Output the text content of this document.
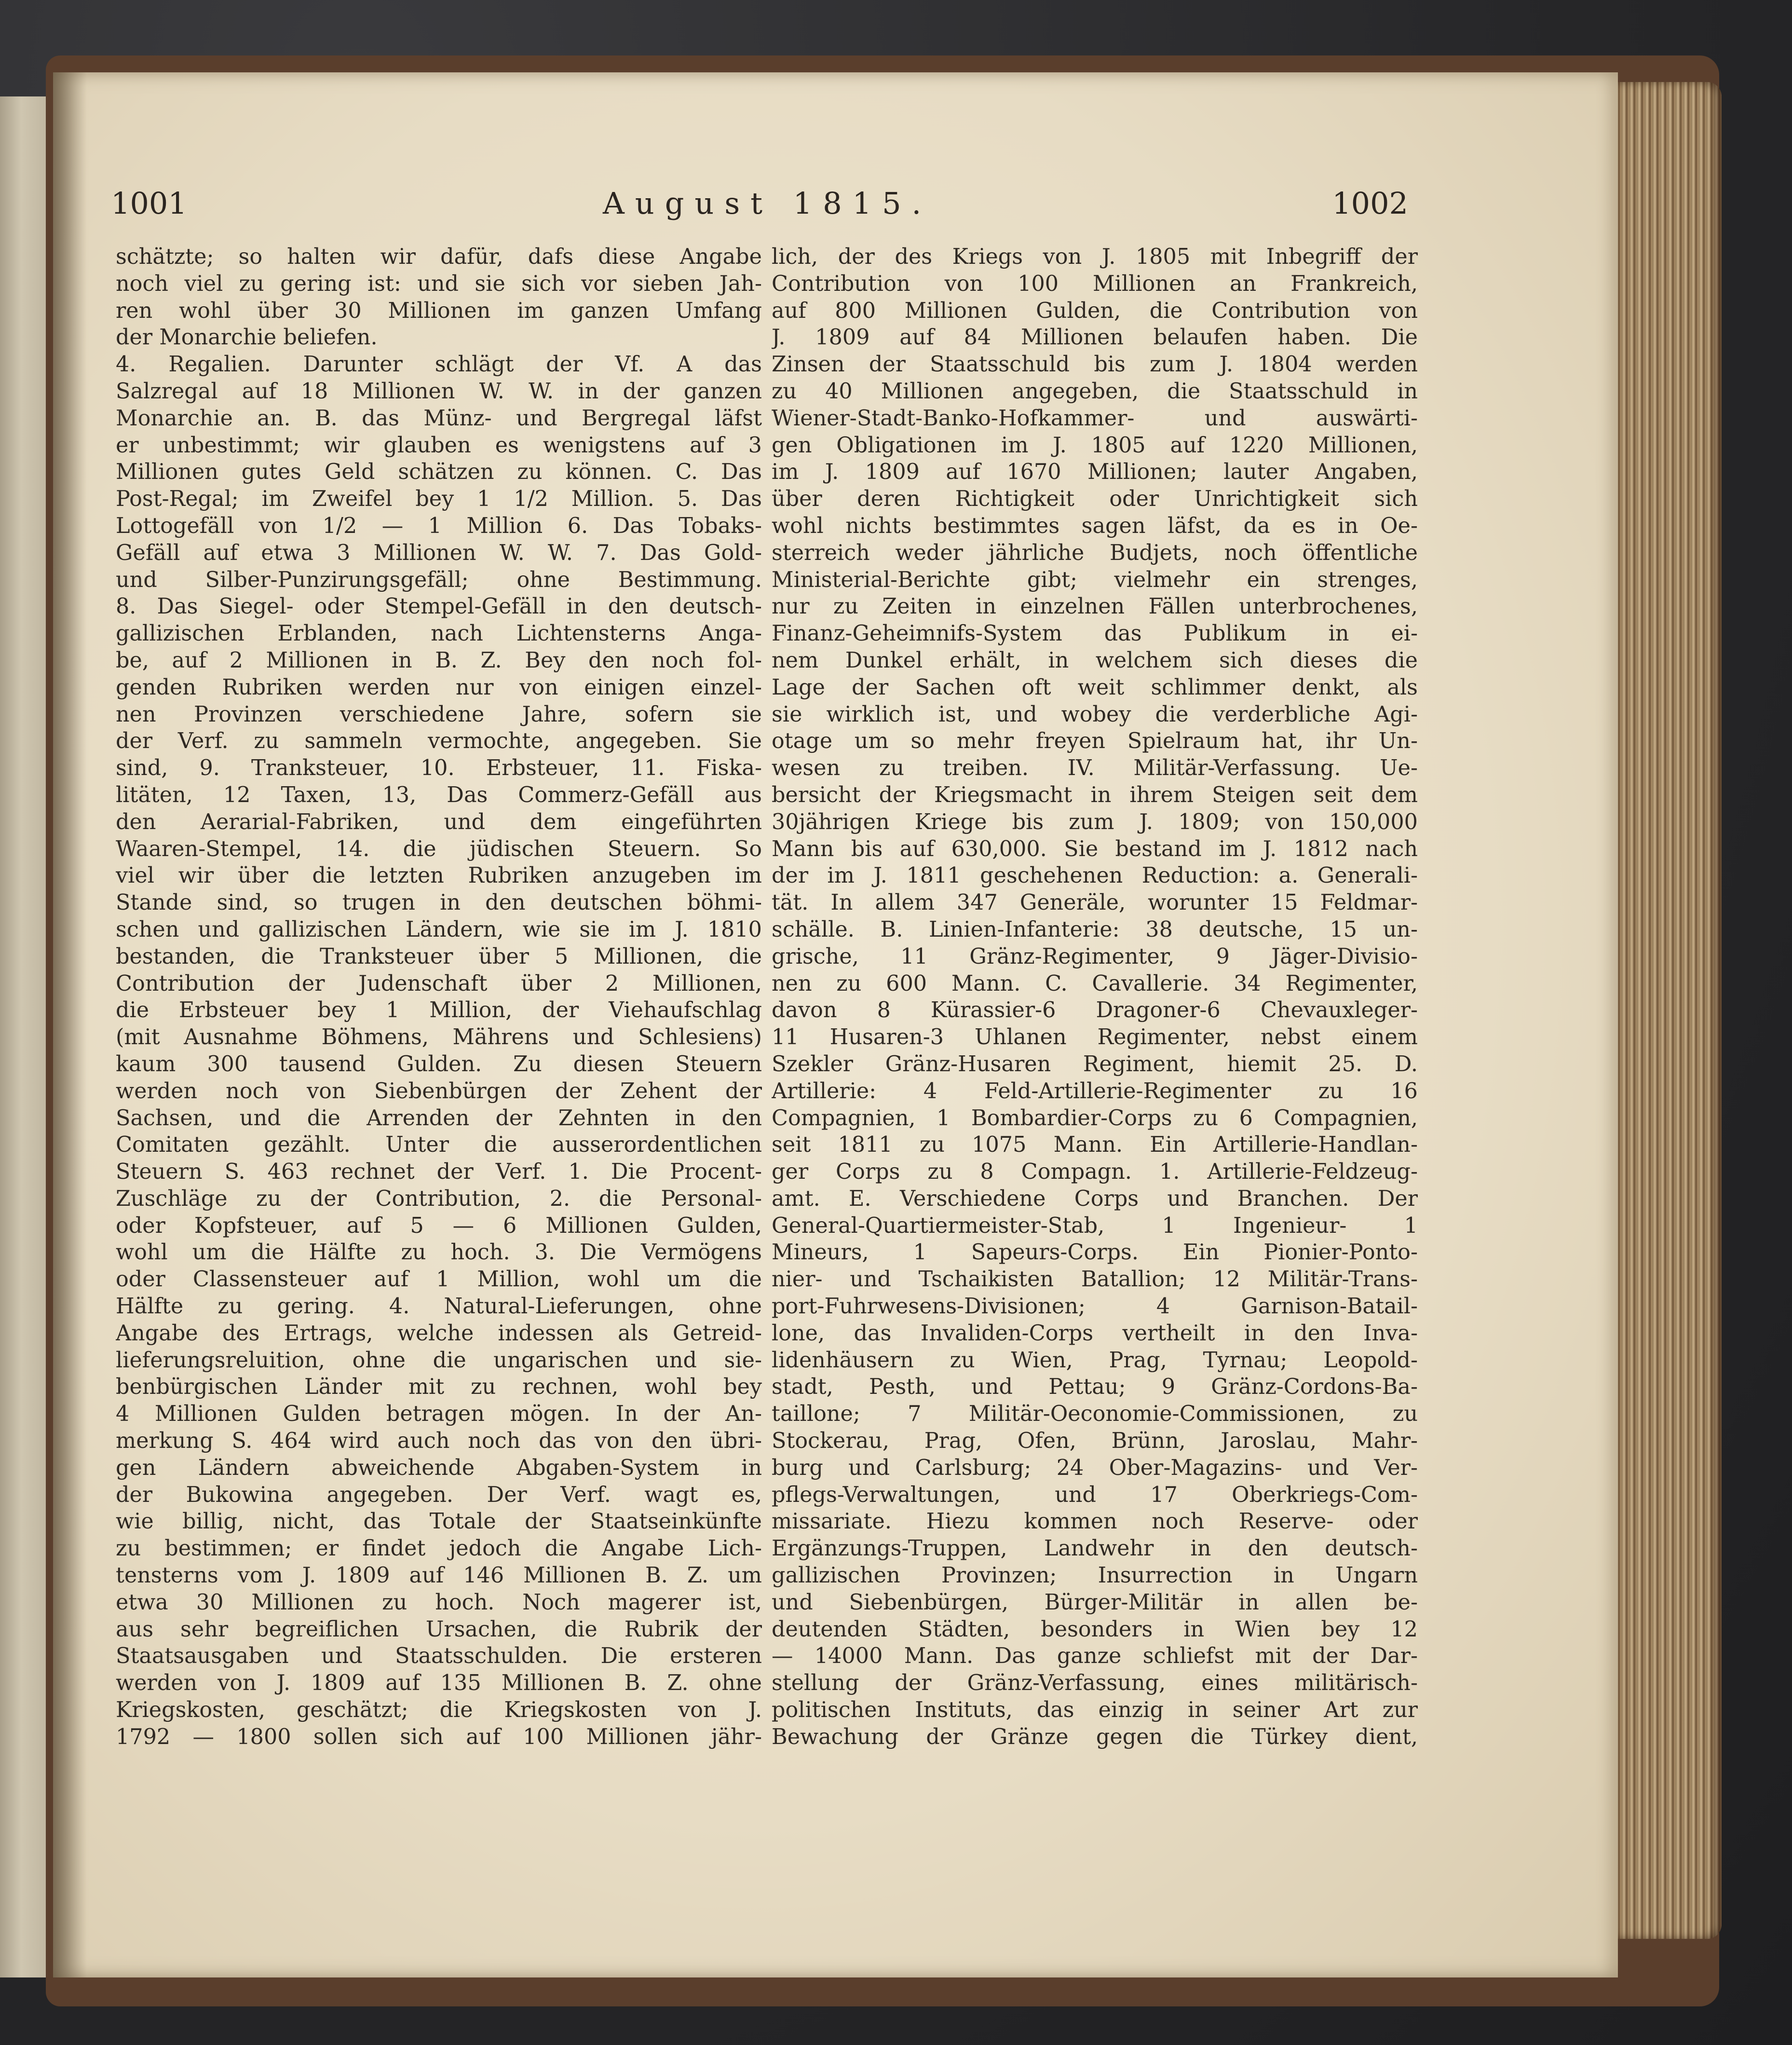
1001	August 1815.	1002
schätzte; so halten wir dafür, dafs diese Angabe
noch viel zu gering ist: und sie sich vor sieben Jah-
ren wohl über 30 Millionen im ganzen Umfang
der Monarchie beliefen.
4. Regalien. Darunter schlägt der Vf. A das
Salzregal auf 18 Millionen W. W. in der ganzen
Monarchie an. B. das Münz- und Bergregal läfst
er unbestimmt; wir glauben es wenigstens auf 3
Millionen gutes Geld schätzen zu können. C. Das
Post-Regal; im Zweifel bey 1 1/2 Million. 5. Das
Lottogefäll von 1/2 — 1 Million 6. Das Tobaks-
Gefäll auf etwa 3 Millionen W. W. 7. Das Gold-
und Silber-Punzirungsgefäll; ohne Bestimmung.
8. Das Siegel- oder Stempel-Gefäll in den deutsch-
gallizischen Erblanden, nach Lichtensterns Anga-
be, auf 2 Millionen in B. Z. Bey den noch fol-
genden Rubriken werden nur von einigen einzel-
nen Provinzen verschiedene Jahre, sofern sie
der Verf. zu sammeln vermochte, angegeben. Sie
sind, 9. Tranksteuer, 10. Erbsteuer, 11. Fiska-
litäten, 12 Taxen, 13, Das Commerz-Gefäll aus
den Aerarial-Fabriken, und dem eingeführten
Waaren-Stempel, 14. die jüdischen Steuern. So
viel wir über die letzten Rubriken anzugeben im
Stande sind, so trugen in den deutschen böhmi-
schen und gallizischen Ländern, wie sie im J. 1810
bestanden, die Tranksteuer über 5 Millionen, die
Contribution der Judenschaft über 2 Millionen,
die Erbsteuer bey 1 Million, der Viehaufschlag
(mit Ausnahme Böhmens, Mährens und Schlesiens)
kaum 300 tausend Gulden. Zu diesen Steuern
werden noch von Siebenbürgen der Zehent der
Sachsen, und die Arrenden der Zehnten in den
Comitaten gezählt. Unter die ausserordentlichen
Steuern S. 463 rechnet der Verf. 1. Die Procent-
Zuschläge zu der Contribution, 2. die Personal-
oder Kopfsteuer, auf 5 — 6 Millionen Gulden,
wohl um die Hälfte zu hoch. 3. Die Vermögens
oder Classensteuer auf 1 Million, wohl um die
Hälfte zu gering. 4. Natural-Lieferungen, ohne
Angabe des Ertrags, welche indessen als Getreid-
lieferungsreluition, ohne die ungarischen und sie-
benbürgischen Länder mit zu rechnen, wohl bey
4 Millionen Gulden betragen mögen. In der An-
merkung S. 464 wird auch noch das von den übri-
gen Ländern abweichende Abgaben-System in
der Bukowina angegeben. Der Verf. wagt es,
wie billig, nicht, das Totale der Staatseinkünfte
zu bestimmen; er findet jedoch die Angabe Lich-
tensterns vom J. 1809 auf 146 Millionen B. Z. um
etwa 30 Millionen zu hoch. Noch magerer ist,
aus sehr begreiflichen Ursachen, die Rubrik der
Staatsausgaben und Staatsschulden. Die ersteren
werden von J. 1809 auf 135 Millionen B. Z. ohne
Kriegskosten, geschätzt; die Kriegskosten von J.
1792 — 1800 sollen sich auf 100 Millionen jähr-
lich, der des Kriegs von J. 1805 mit Inbegriff der
Contribution von 100 Millionen an Frankreich,
auf 800 Millionen Gulden, die Contribution von
J. 1809 auf 84 Millionen belaufen haben. Die
Zinsen der Staatsschuld bis zum J. 1804 werden
zu 40 Millionen angegeben, die Staatsschuld in
Wiener-Stadt-Banko-Hofkammer- und auswärti-
gen Obligationen im J. 1805 auf 1220 Millionen,
im J. 1809 auf 1670 Millionen; lauter Angaben,
über deren Richtigkeit oder Unrichtigkeit sich
wohl nichts bestimmtes sagen läfst, da es in Oe-
sterreich weder jährliche Budjets, noch öffentliche
Ministerial-Berichte gibt; vielmehr ein strenges,
nur zu Zeiten in einzelnen Fällen unterbrochenes,
Finanz-Geheimnifs-System das Publikum in ei-
nem Dunkel erhält, in welchem sich dieses die
Lage der Sachen oft weit schlimmer denkt, als
sie wirklich ist, und wobey die verderbliche Agi-
otage um so mehr freyen Spielraum hat, ihr Un-
wesen zu treiben. IV. Militär-Verfassung. Ue-
bersicht der Kriegsmacht in ihrem Steigen seit dem
30jährigen Kriege bis zum J. 1809; von 150,000
Mann bis auf 630,000. Sie bestand im J. 1812 nach
der im J. 1811 geschehenen Reduction: a. Generali-
tät. In allem 347 Generäle, worunter 15 Feldmar-
schälle. B. Linien-Infanterie: 38 deutsche, 15 un-
grische, 11 Gränz-Regimenter, 9 Jäger-Divisio-
nen zu 600 Mann. C. Cavallerie. 34 Regimenter,
davon 8 Kürassier-6 Dragoner-6 Chevauxleger-
11 Husaren-3 Uhlanen Regimenter, nebst einem
Szekler Gränz-Husaren Regiment, hiemit 25. D.
Artillerie: 4 Feld-Artillerie-Regimenter zu 16
Compagnien, 1 Bombardier-Corps zu 6 Compagnien,
seit 1811 zu 1075 Mann. Ein Artillerie-Handlan-
ger Corps zu 8 Compagn. 1. Artillerie-Feldzeug-
amt. E. Verschiedene Corps und Branchen. Der
General-Quartiermeister-Stab, 1 Ingenieur- 1
Mineurs, 1 Sapeurs-Corps. Ein Pionier-Ponto-
nier- und Tschaikisten Batallion; 12 Militär-Trans-
port-Fuhrwesens-Divisionen; 4 Garnison-Batail-
lone, das Invaliden-Corps vertheilt in den Inva-
lidenhäusern zu Wien, Prag, Tyrnau; Leopold-
stadt, Pesth, und Pettau; 9 Gränz-Cordons-Ba-
taillone; 7 Militär-Oeconomie-Commissionen, zu
Stockerau, Prag, Ofen, Brünn, Jaroslau, Mahr-
burg und Carlsburg; 24 Ober-Magazins- und Ver-
pflegs-Verwaltungen, und 17 Oberkriegs-Com-
missariate. Hiezu kommen noch Reserve- oder
Ergänzungs-Truppen, Landwehr in den deutsch-
gallizischen Provinzen; Insurrection in Ungarn
und Siebenbürgen, Bürger-Militär in allen be-
deutenden Städten, besonders in Wien bey 12
— 14000 Mann. Das ganze schliefst mit der Dar-
stellung der Gränz-Verfassung, eines militärisch-
politischen Instituts, das einzig in seiner Art zur
Bewachung der Gränze gegen die Türkey dient,
